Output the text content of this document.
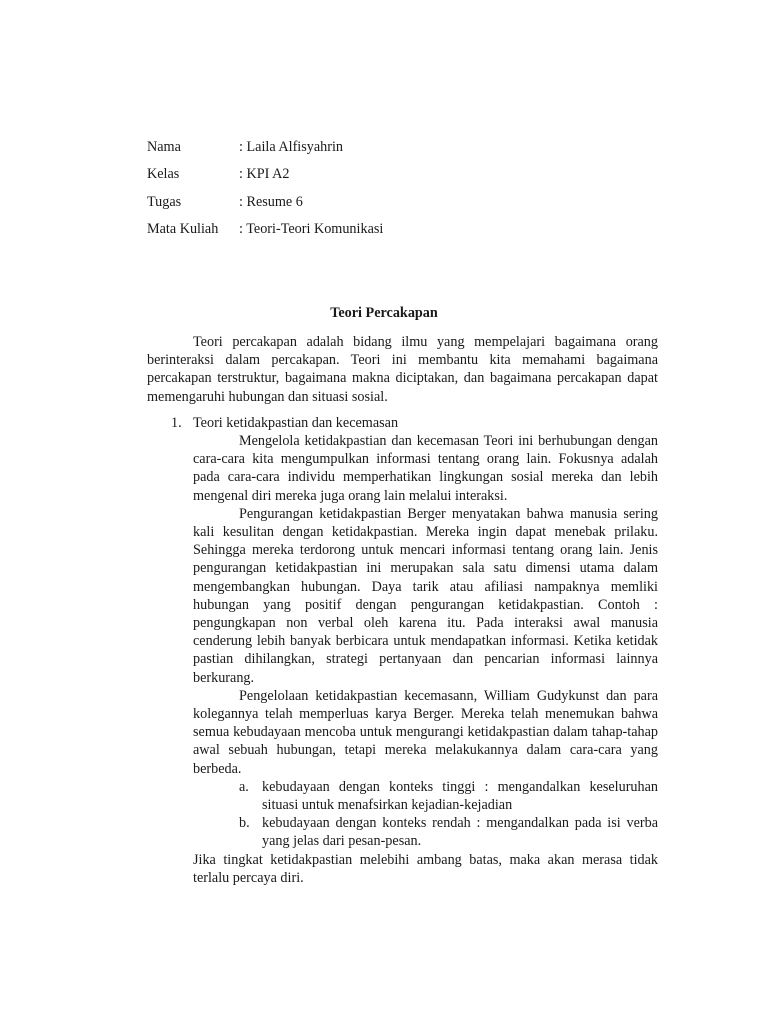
Nama	: Laila Alfisyahrin
Kelas	: KPI A2
Tugas	: Resume 6
Mata Kuliah : Teori-Teori Komunikasi
Teori Percakapan

Teori percakapan adalah bidang ilmu yang mempelajari bagaimana orang berinteraksi dalam percakapan. Teori ini membantu kita memahami bagaimana percakapan terstruktur, bagaimana makna diciptakan, dan bagaimana percakapan dapat memengaruhi hubungan dan situasi sosial.

1. Teori ketidakpastian dan kecemasan

Mengelola ketidakpastian dan kecemasan Teori ini berhubungan dengan cara-cara kita mengumpulkan informasi tentang orang lain. Fokusnya adalah pada cara-cara individu memperhatikan lingkungan sosial mereka dan lebih mengenal diri mereka juga orang lain melalui interaksi.

Pengurangan ketidakpastian Berger menyatakan bahwa manusia sering kali kesulitan dengan ketidakpastian. Mereka ingin dapat menebak prilaku. Sehingga mereka terdorong untuk mencari informasi tentang orang lain. Jenis pengurangan ketidakpastian ini merupakan sala satu dimensi utama dalam mengembangkan hubungan. Daya tarik atau afiliasi nampaknya memliki hubungan yang positif dengan pengurangan ketidakpastian. Contoh : pengungkapan non verbal oleh karena itu. Pada interaksi awal manusia cenderung lebih banyak berbicara untuk mendapatkan informasi. Ketika ketidak pastian dihilangkan, strategi pertanyaan dan pencarian informasi lainnya berkurang.

Pengelolaan ketidakpastian kecemasann, William Gudykunst dan para kolegannya telah memperluas karya Berger. Mereka telah menemukan bahwa semua kebudayaan mencoba untuk mengurangi ketidakpastian dalam tahap-tahap awal sebuah hubungan, tetapi mereka melakukannya dalam cara-cara yang berbeda.

a. kebudayaan dengan konteks tinggi : mengandalkan keseluruhan situasi untuk menafsirkan kejadian-kejadian

b. kebudayaan dengan konteks rendah : mengandalkan pada isi verba yang jelas dari pesan-pesan.

Jika tingkat ketidakpastian melebihi ambang batas, maka akan merasa tidak terlalu percaya diri.
